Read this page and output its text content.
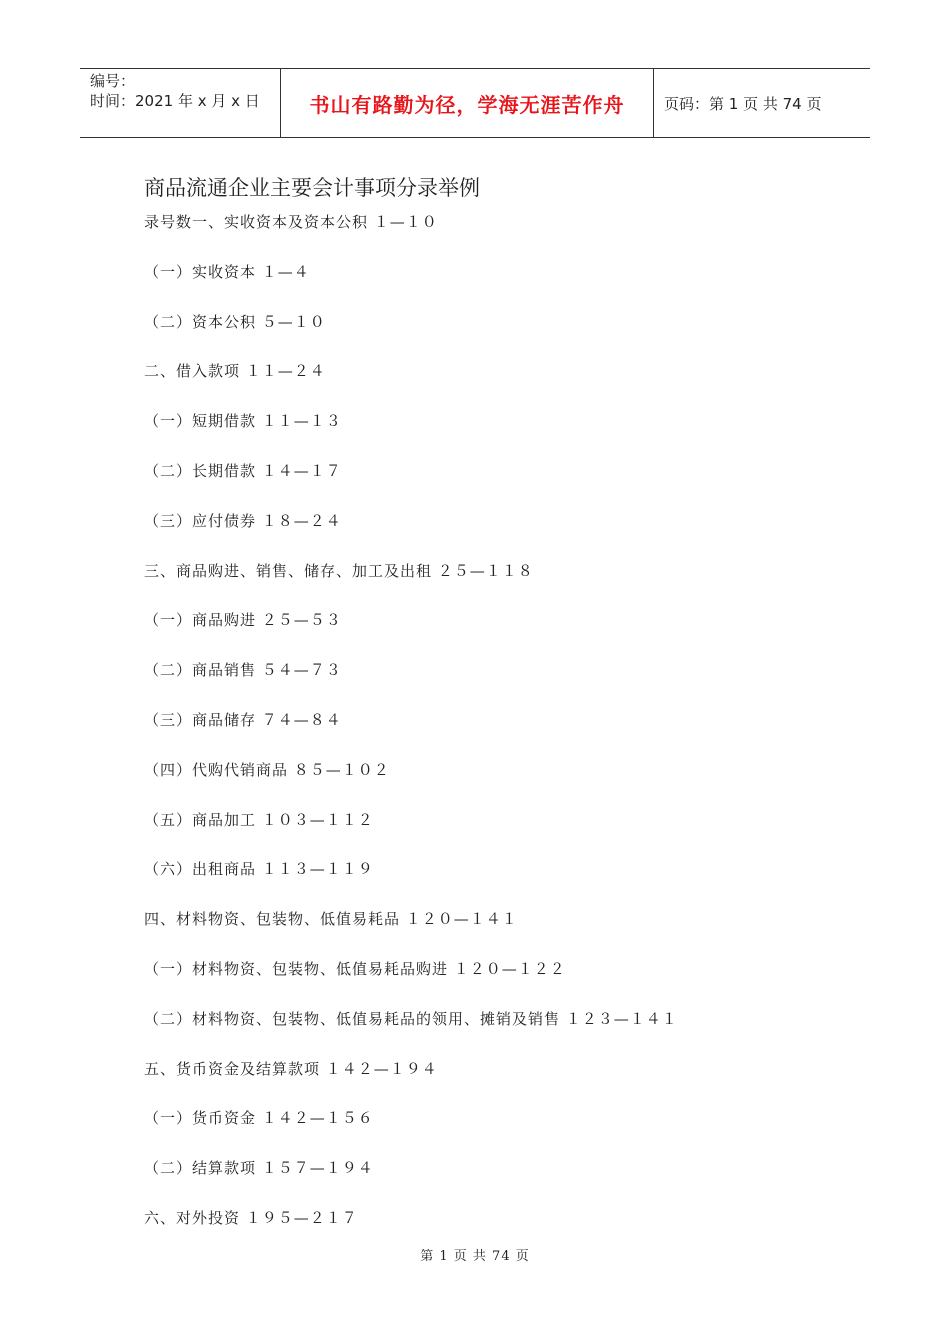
编号：
时间：2021 年 x 月 x 日	书山有路勤为径，学海无涯苦作舟	页码：第 1 页 共 74 页
商品流通企业主要会计事项分录举例
录号数一、实收资本及资本公积 １—１０
（一）实收资本 １—４
（二）资本公积 ５—１０
二、借入款项 １１—２４
（一）短期借款 １１—１３
（二）长期借款 １４—１７
（三）应付债券 １８—２４
三、商品购进、销售、储存、加工及出租 ２５—１１８
（一）商品购进 ２５—５３
（二）商品销售 ５４—７３
（三）商品储存 ７４—８４
（四）代购代销商品 ８５—１０２
（五）商品加工 １０３—１１２
（六）出租商品 １１３—１１９
四、材料物资、包装物、低值易耗品 １２０—１４１
（一）材料物资、包装物、低值易耗品购进 １２０—１２２
（二）材料物资、包装物、低值易耗品的领用、摊销及销售 １２３—１４１
五、货币资金及结算款项 １４２—１９４
（一）货币资金 １４２—１５６
（二）结算款项 １５７—１９４
六、对外投资 １９５—２１７
第 1 页 共 74 页
